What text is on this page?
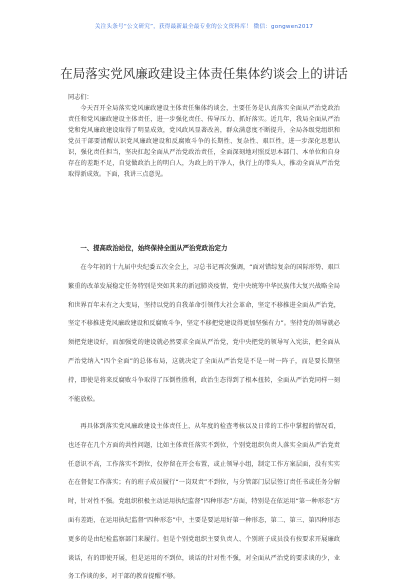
关注头条号“公文研究”，获得最新最全最专业的公文资料库！ 微信：gongwen2017
在局落实党风廉政建设主体责任集体约谈会上的讲话
同志们：

今天召开全局落实党风廉政建设主体责任集体约谈会，主要任务是认真落实全面从严治党政治责任和党风廉政建设主体责任，进一步强化责任、传导压力、抓好落实。近几年，我局全面从严治党和党风廉政建设取得了明显成效，党风政风显著改善，群众满意度不断提升，全局各级党组织和党员干部要清醒认识党风廉政建设和反腐败斗争的长期性、复杂性、艰巨性，进一步深化思想认识，强化责任担当，坚决扛起全面从严治党政治责任，全面深刻地对照反思本部门、本单位和自身存在的差距不足，自觉做政治上的明白人，为政上的干净人，执行上的带头人，推动全面从严治党取得新成效。下面，我讲三点意见。

一、提高政治站位，始终保持全面从严治党政治定力

在今年初的十九届中央纪委五次全会上，习总书记再次强调，“面对错综复杂的国际形势、艰巨繁重的改革发展稳定任务特别是突如其来的新冠肺炎疫情，党中央统筹中华民族伟大复兴战略全局和世界百年未有之大变局，坚持以党的自我革命引领伟大社会革命，坚定不移推进全面从严治党，坚定不移推进党风廉政建设和反腐败斗争，坚定不移把党建设得更加坚强有力”。坚持党的领导就必须把党建设好，而加强党的建设就必然要求全面从严治党，党中央把党的领导写入宪法，把全面从严治党纳入“四个全面”的总体布局，这就决定了全面从严治党是不是一时一阵子，而是要长期坚持，即使是将来反腐败斗争取得了压倒性胜利，政治生态得到了根本扭转，全面从严治党同样一刻不能放松。

再具体到落实党风廉政建设主体责任上，从年度的检查考核以及日常的工作中掌握的情况看，也还存在几个方面的共性问题，比如主体责任落实不到位，个别党组织负责人落实全面从严治党责任意识不高，工作落实不到位，仅停留在开会布置，或止领导小组，制定工作方案层面，没有实实在在督促工作落实；有的班子成员履行“一岗双责”不到位，与分管部门层层签订责任书或任务分解时，针对性不强。党组织积极主动运用执纪监督“四种形态”方面，特别是在依运用“第一种形态”方面有差距，在运用执纪监督“四种形态”中，主要是要运用好第一种形态，第二、第三、第四种形态更多的是由纪检监察部门来履行。但是个别党组织主要负责人、个别班子成员没有按要求开展廉政谈话，有的即使开展，但是运用的不到位，谈话的针对性不强，对全面从严治党的要求谈的少，业务工作谈的多，对干部的教育提醒不够。
